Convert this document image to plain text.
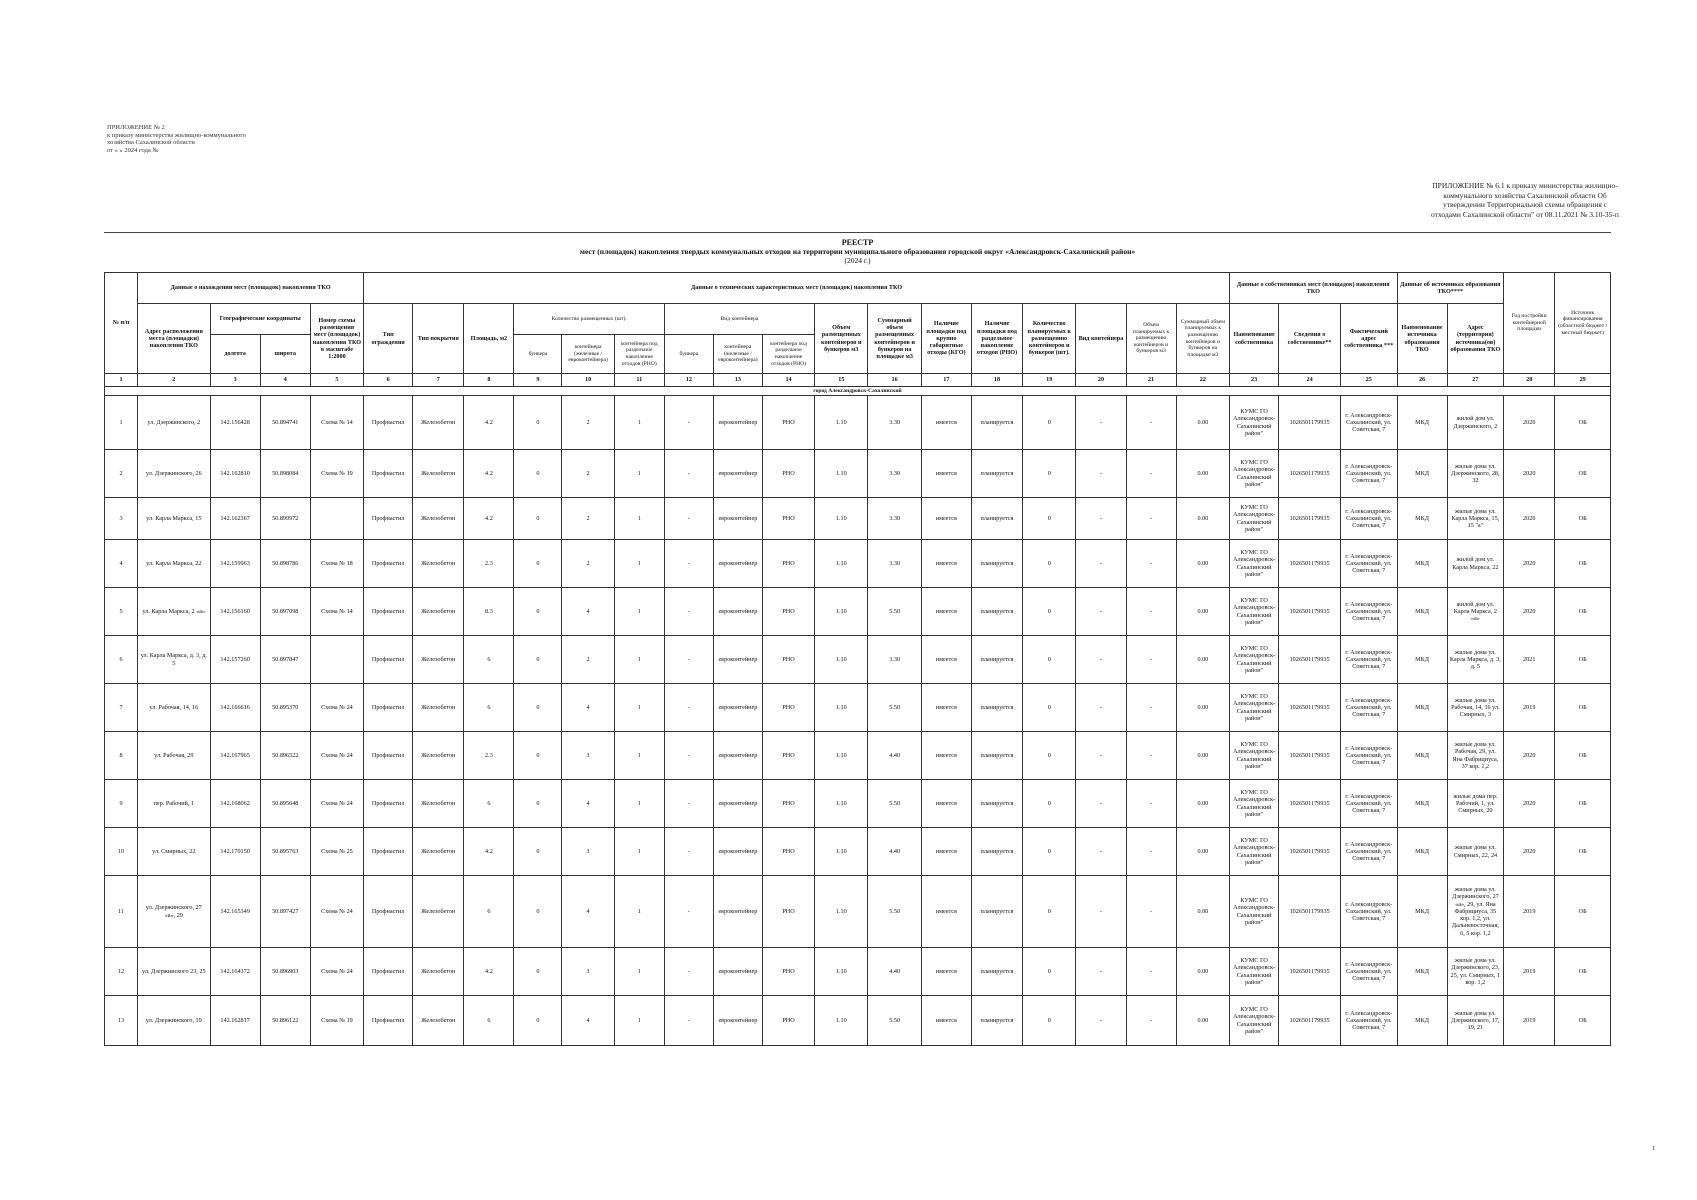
ПРИЛОЖЕНИЕ № 2
к приказу министерства жилищно-коммунального
хозяйства Сахалинской области
от « » 2024 года №
ПРИЛОЖЕНИЕ № 6.1 к приказу министерства жилищно-коммунального хозяйства Сахалинской области Об утверждении Территориальной схемы обращения с отходами Сахалинской области" от 08.11.2021 № 3.10-35-п
РЕЕСТР
мест (площадок) накопления твердых коммунальных отходов на территории муниципального образования городской округ «Александровск-Сахалинский район»
(2024 г.)
№ п/п	Данные о нахождении мест (площадок) накопления ТКО				Данные о технических характеристиках мест (площадок) накопления ТКО																	Данные о собственниках мест (площадок) накопления ТКО			Данные об источниках образования ТКО****		Год постройки контейнерной площадки	Источник финансирования (областной бюджет / местный бюджет)
	Адрес расположения места (площадки) накопления ТКО	Географические координаты		Номер схемы размещения мест (площадок) накопления ТКО в масштабе 1:2000	Тип ограждения	Тип покрытия	Площадь, м2	Количество размещенных (шт).			Вид контейнера			Объем размещенных контейнеров и бункеров м3	Суммарный объем размещенных контейнеров и бункеров на площадке м3	Наличие площадки под крупно габаритные отходы (КГО)	Наличие площадки под раздельное накопление отходов (РНО)	Количество планируемых к размещению контейнеров и бункеров (шт).	Вид контейнера	Объем планируемых к размещению контейнеров и бункеров м3	Суммарный объем планируемых к размещению контейнеров и бункеров на площадке м3	Наименование собственника	Сведения о собственнике**	Фактический адрес собственника ***	Наименование источника образования ТКО	Адрес (территория) источника(ов) образования ТКО		
		долгота	широта					бункера	контейнера (железные / евроконтейнера)	контейнера под раздельное накопление отходов (РНО)	бункера	контейнера (железные / евроконтейнера)	контейнера под раздельное накопление отходов (РНО)															
1	2	3	4	5	6	7	8	9	10	11	12	13	14	15	16	17	18	19	20	21	22	23	24	25	26	27	28	29
город Александровск-Сахалинский																												
1	ул. Дзержинского, 2	142.156428	50.894741	Схема № 14	Профнастил	Железобетон	4.2	0	2	1	-	евроконтейнер	РНО	1.10	3.30	имеется	планируется	0	-	-	0.00	КУМС ГО Александровск-Сахалинский район"	1026501179935	г. Александровск-Сахалинский, ул. Советская, 7	МКД	жилой дом ул. Дзержинского, 2	2020	ОБ
2	ул. Дзержинского, 26	142.162810	50.898084	Схема № 19	Профнастил	Железобетон	4.2	0	2	1	-	евроконтейнер	РНО	1.10	3.30	имеется	планируется	0	-	-	0.00	КУМС ГО Александровск-Сахалинский район"	1026501179935	г. Александровск-Сахалинский, ул. Советская, 7	МКД	жилые дома ул. Дзержинского, 28, 32	2020	ОБ
3	ул. Карла Маркса, 15	142.162367	50.899972		Профнастил	Железобетон	4.2	0	2	1	-	евроконтейнер	РНО	1.10	3.30	имеется	планируется	0	-	-	0.00	КУМС ГО Александровск-Сахалинский район"	1026501179935	г. Александровск-Сахалинский, ул. Советская, 7	МКД	жилые дома ул. Карла Маркса, 15, 15 "а"	2020	ОБ
4	ул. Карла Маркса, 22	142.159963	50.898786	Схема № 18	Профнастил	Железобетон	2.3	0	2	1	-	евроконтейнер	РНО	1.10	3.30	имеется	планируется	0	-	-	0.00	КУМС ГО Александровск-Сахалинский район"	1026501179935	г. Александровск-Сахалинский, ул. Советская, 7	МКД	жилой дом ул. Карла Маркса, 22	2020	ОБ
5	ул. Карла Маркса, 2 «а»	142.156160	50.897098	Схема № 14	Профнастил	Железобетон	8.3	0	4	1	-	евроконтейнер	РНО	1.10	5.50	имеется	планируется	0	-	-	0.00	КУМС ГО Александровск-Сахалинский район"	1026501179935	г. Александровск-Сахалинский, ул. Советская, 7	МКД	жилой дом ул. Карла Маркса, 2 «а»	2020	ОБ
6	ул. Карла Маркса, д. 3, д. 5	142.157260	50.897847		Профнастил	Железобетон	6	0	2	1	-	евроконтейнер	РНО	1.10	3.30	имеется	планируется	0	-	-	0.00	КУМС ГО Александровск-Сахалинский район"	1026501179935	г. Александровск-Сахалинский, ул. Советская, 7	МКД	жилые дома ул. Карла Маркса, д. 3, д. 5	2021	ОБ
7	ул. Рабочая, 14, 16	142.166616	50.895370	Схема № 24	Профнастил	Железобетон	6	0	4	1	-	евроконтейнер	РНО	1.10	5.50	имеется	планируется	0	-	-	0.00	КУМС ГО Александровск-Сахалинский район"	1026501179935	г. Александровск-Сахалинский, ул. Советская, 7	МКД	жилые дома ул. Рабочая, 14, 16 ул. Смирных, 3	2019	ОБ
8	ул. Рабочая, 29	142.167965	50.896522	Схема № 24	Профнастил	Железобетон	2.3	0	3	1	-	евроконтейнер	РНО	1.10	4.40	имеется	планируется	0	-	-	0.00	КУМС ГО Александровск-Сахалинский район"	1026501179935	г. Александровск-Сахалинский, ул. Советская, 7	МКД	жилые дома ул. Рабочая, 29, ул. Яна Фабрициуса, 37 кор. 1,2	2020	ОБ
9	пер. Рабочий, 1	142.168062	50.895648	Схема № 24	Профнастил	Железобетон	6	0	4	1	-	евроконтейнер	РНО	1.10	5.50	имеется	планируется	0	-	-	0.00	КУМС ГО Александровск-Сахалинский район"	1026501179935	г. Александровск-Сахалинский, ул. Советская, 7	МКД	жилые дома пер. Рабочий, 1, ул. Смирных, 20	2020	ОБ
10	ул. Смирных, 22	142.170150	50.895763	Схема № 25	Профнастил	Железобетон	4.2	0	3	1	-	евроконтейнер	РНО	1.10	4.40	имеется	планируется	0	-	-	0.00	КУМС ГО Александровск-Сахалинский район"	1026501179935	г. Александровск-Сахалинский, ул. Советская, 7	МКД	жилые дома ул. Смирных, 22, 24	2020	ОБ
11	ул. Дзержинского, 27 «а», 29	142.165349	50.897427	Схема № 24	Профнастил	Железобетон	6	0	4	1	-	евроконтейнер	РНО	1.10	5.50	имеется	планируется	0	-	-	0.00	КУМС ГО Александровск-Сахалинский район"	1026501179935	г. Александровск-Сахалинский, ул. Советская, 7	МКД	жилые дома ул. Дзержинского, 27 «а», 29, ул. Яна Фабрициуса, 35 кор. 1,2, ул. Дальневосточная, 6, 5 кор. 1,2	2019	ОБ
12	ул. Дзержинского 23, 25	142.164372	50.896903	Схема № 24	Профнастил	Железобетон	4.2	0	3	1	-	евроконтейнер	РНО	1.10	4.40	имеется	планируется	0	-	-	0.00	КУМС ГО Александровск-Сахалинский район"	1026501179935	г. Александровск-Сахалинский, ул. Советская, 7	МКД	жилые дома ул. Дзержинского, 23, 25, ул. Смирных, 1 кор. 1,2	2019	ОБ
13	ул. Дзержинского, 19	142.162817	50.896122	Схема № 19	Профнастил	Железобетон	6	0	4	1	-	евроконтейнер	РНО	1.10	5.50	имеется	планируется	0	-	-	0.00	КУМС ГО Александровск-Сахалинский район"	1026501179935	г. Александровск-Сахалинский, ул. Советская, 7	МКД	жилые дома ул. Дзержинского, 17, 19, 21	2019	ОБ
1
